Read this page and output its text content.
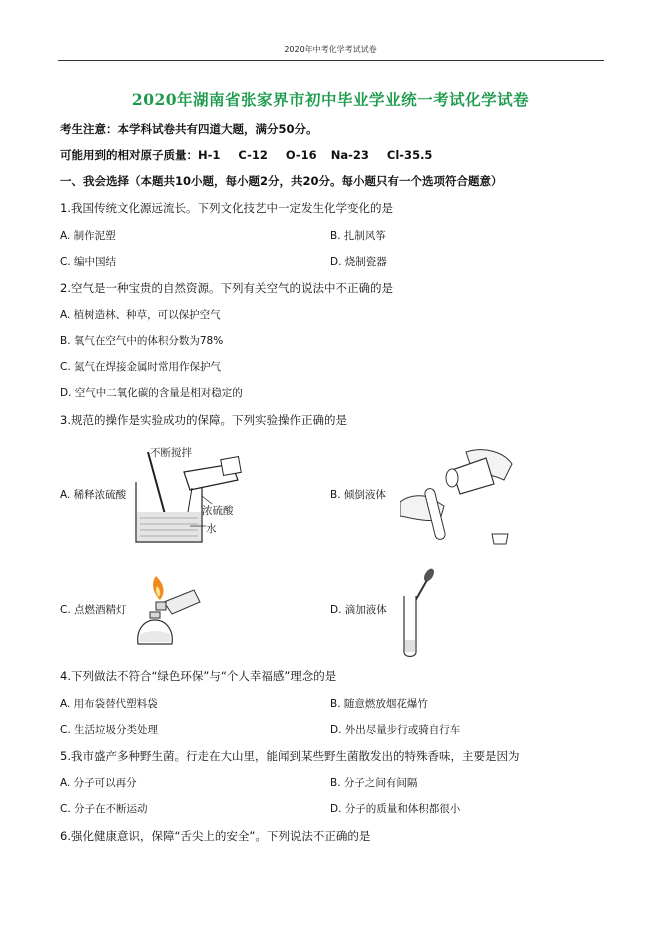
2020年中考化学考试试卷
2020年湖南省张家界市初中毕业学业统一考试化学试卷
考生注意：本学科试卷共有四道大题，满分50分。
可能用到的相对原子质量：H-1 C-12 O-16 Na-23 Cl-35.5
一、我会选择（本题共10小题，每小题2分，共20分。每小题只有一个选项符合题意）
1.我国传统文化源远流长。下列文化技艺中一定发生化学变化的是
A. 制作泥塑	B. 扎制风筝
C. 编中国结	D. 烧制瓷器
2.空气是一种宝贵的自然资源。下列有关空气的说法中不正确的是
A. 植树造林、种草，可以保护空气
B. 氧气在空气中的体积分数为78%
C. 氮气在焊接金属时常用作保护气
D. 空气中二氧化碳的含量是相对稳定的
3.规范的操作是实验成功的保障。下列实验操作正确的是
不断搅拌
浓硫酸
水
A. 稀释浓硫酸	B. 倾倒液体
C. 点燃酒精灯	D. 滴加液体
4.下列做法不符合“绿色环保”与“个人幸福感”理念的是
A. 用布袋替代塑料袋	B. 随意燃放烟花爆竹
C. 生活垃圾分类处理	D. 外出尽量步行或骑自行车
5.我市盛产多种野生菌。行走在大山里，能闻到某些野生菌散发出的特殊香味，主要是因为
A. 分子可以再分	B. 分子之间有间隔
C. 分子在不断运动	D. 分子的质量和体积都很小
6.强化健康意识，保障“舌尖上的安全”。下列说法不正确的是
